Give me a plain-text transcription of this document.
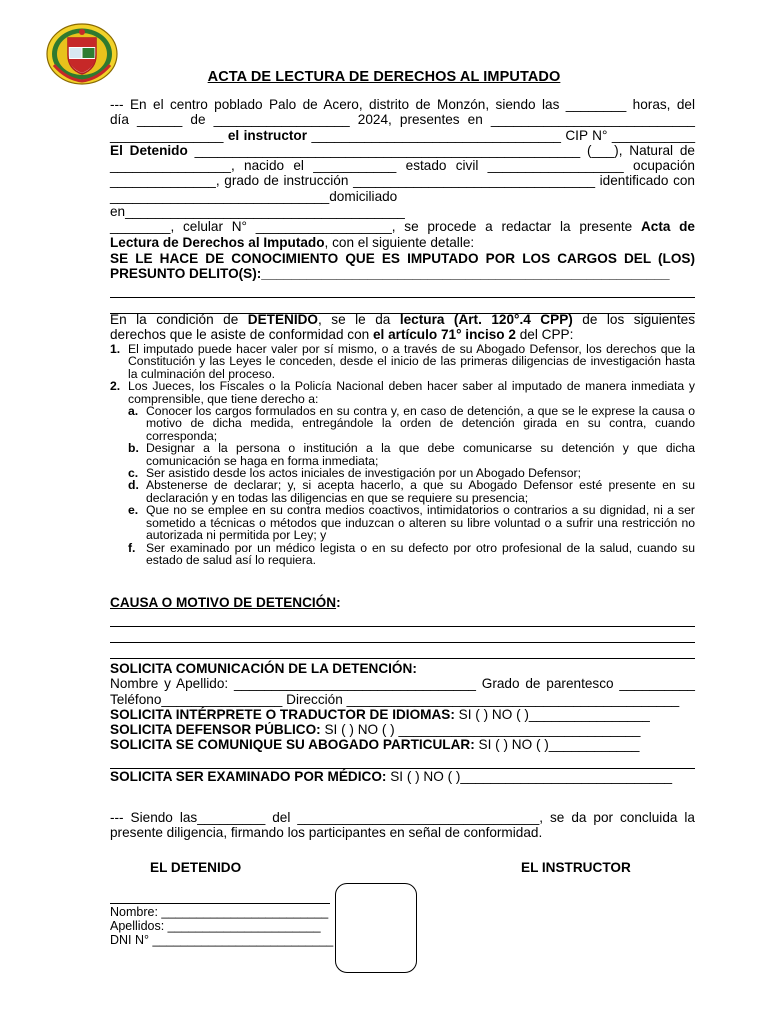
ACTA DE LECTURA DE DERECHOS AL IMPUTADO
--- En el centro poblado Palo de Acero, distrito de Monzón, siendo las ________ horas, del
día ______ de __________________ 2024, presentes en ___________________________
_______________ el instructor _________________________________ CIP N° ___________
El Detenido ___________________________________________________ (___), Natural de
________________, nacido el ___________ estado civil __________________ ocupación
______________, grado de instrucción ________________________________ identificado con
_____________________________domiciliado en_____________________________________
________, celular N° __________________, se procede a redactar la presente Acta de
Lectura de Derechos al Imputado, con el siguiente detalle:
SE LE HACE DE CONOCIMIENTO QUE ES IMPUTADO POR LOS CARGOS DEL (LOS)
PRESUNTO DELITO(S):______________________________________________________
En la condición de DETENIDO, se le da lectura (Art. 120°.4 CPP) de los siguientes
derechos que le asiste de conformidad con el artículo 71° inciso 2 del CPP:
1. El imputado puede hacer valer por sí mismo, o a través de su Abogado Defensor, los derechos que la Constitución y las Leyes le conceden, desde el inicio de las primeras diligencias de investigación hasta la culminación del proceso.
2. Los Jueces, los Fiscales o la Policía Nacional deben hacer saber al imputado de manera inmediata y comprensible, que tiene derecho a:
a. Conocer los cargos formulados en su contra y, en caso de detención, a que se le exprese la causa o motivo de dicha medida, entregándole la orden de detención girada en su contra, cuando corresponda;
b. Designar a la persona o institución a la que debe comunicarse su detención y que dicha comunicación se haga en forma inmediata;
c. Ser asistido desde los actos iniciales de investigación por un Abogado Defensor;
d. Abstenerse de declarar; y, si acepta hacerlo, a que su Abogado Defensor esté presente en su declaración y en todas las diligencias en que se requiere su presencia;
e. Que no se emplee en su contra medios coactivos, intimidatorios o contrarios a su dignidad, ni a ser sometido a técnicas o métodos que induzcan o alteren su libre voluntad o a sufrir una restricción no autorizada ni permitida por Ley; y
f. Ser examinado por un médico legista o en su defecto por otro profesional de la salud, cuando su estado de salud así lo requiera.
CAUSA O MOTIVO DE DETENCIÓN:
SOLICITA COMUNICACIÓN DE LA DETENCIÓN:
Nombre y Apellido: ________________________________ Grado de parentesco __________
Teléfono________________ Dirección ____________________________________________
SOLICITA INTÉRPRETE O TRADUCTOR DE IDIOMAS: SI ( ) NO ( )________________
SOLICITA DEFENSOR PÚBLICO: SI ( ) NO ( ) ________________________________
SOLICITA SE COMUNIQUE SU ABOGADO PARTICULAR: SI ( ) NO ( )____________
SOLICITA SER EXAMINADO POR MÉDICO: SI ( ) NO ( )____________________________
--- Siendo las_________ del ________________________________, se da por concluida la
presente diligencia, firmando los participantes en señal de conformidad.
EL DETENIDO	EL INSTRUCTOR
Nombre: ________________________
Apellidos: ______________________
DNI N° __________________________
